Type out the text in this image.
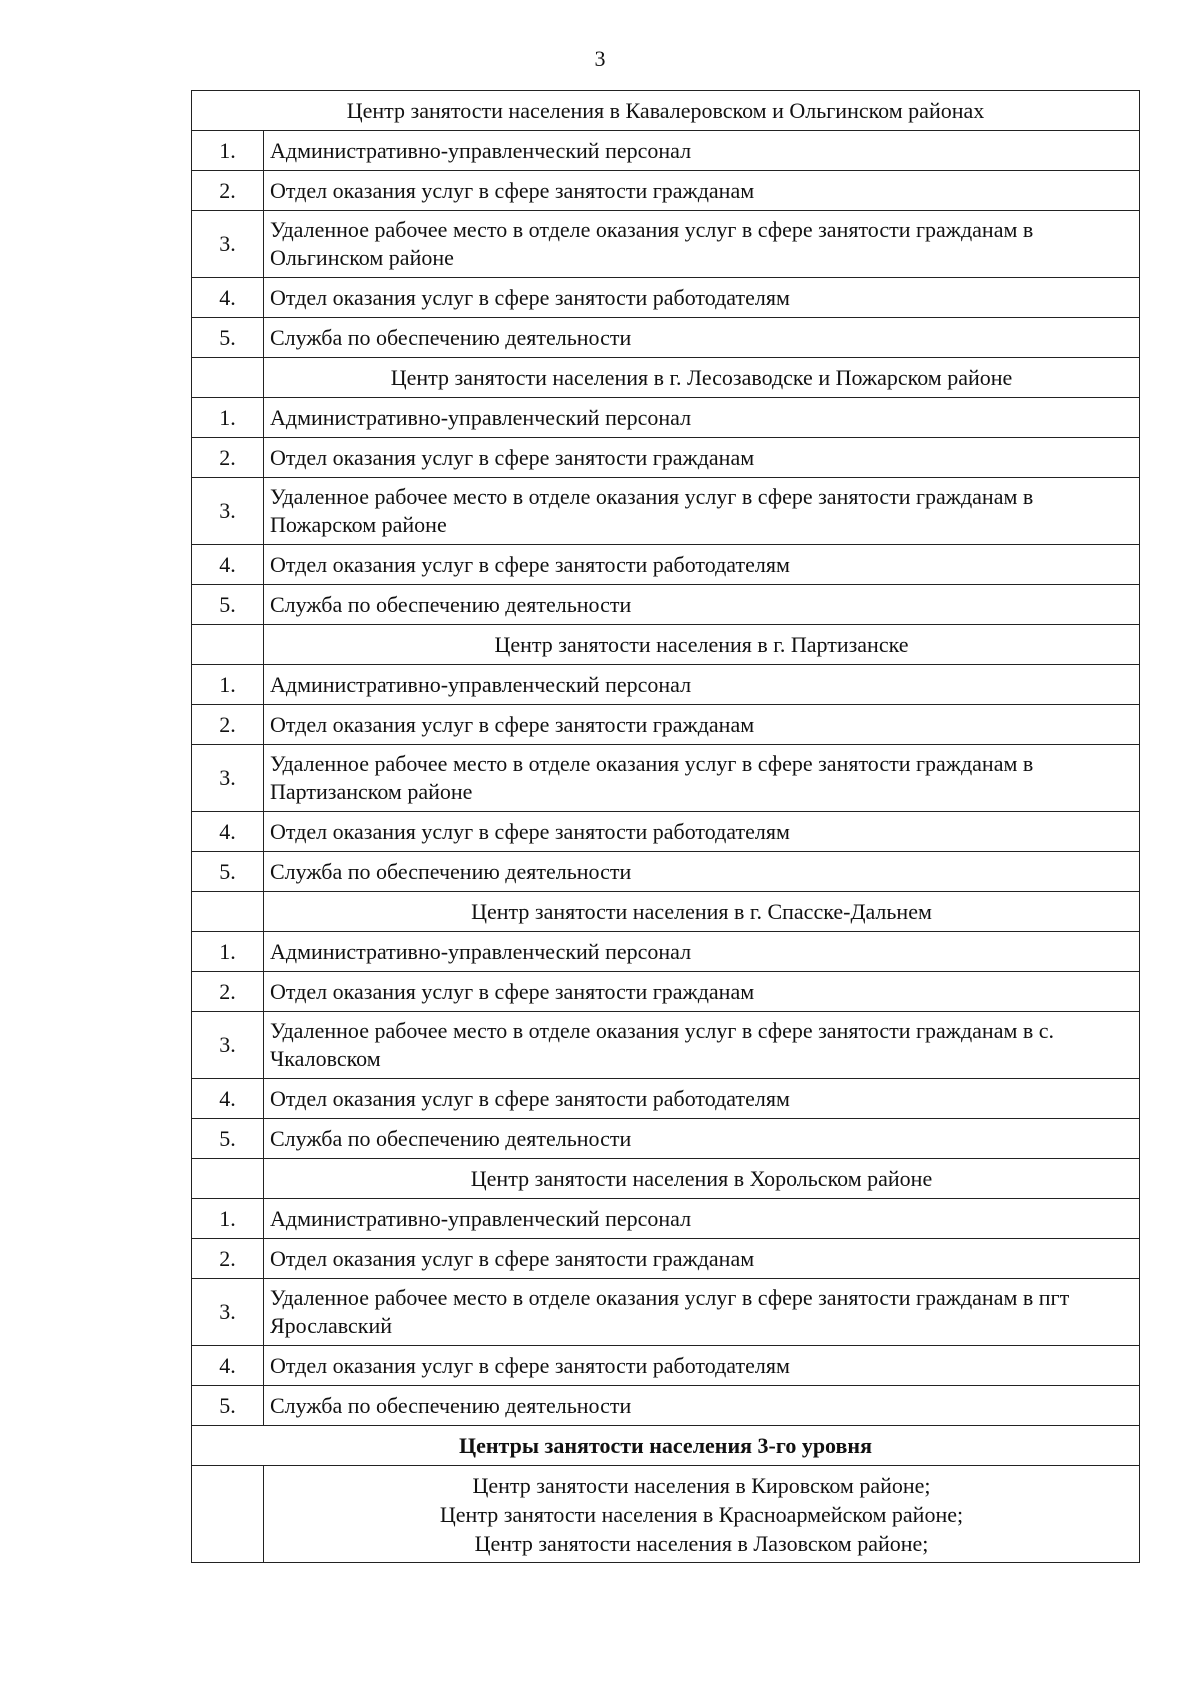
3
Центр занятости населения в Кавалеровском и Ольгинском районах	
1.	Административно-управленческий персонал
2.	Отдел оказания услуг в сфере занятости гражданам
3.	Удаленное рабочее место в отделе оказания услуг в сфере занятости гражданам в Ольгинском районе
4.	Отдел оказания услуг в сфере занятости работодателям
5.	Служба по обеспечению деятельности
	Центр занятости населения в г. Лесозаводске и Пожарском районе
1.	Административно-управленческий персонал
2.	Отдел оказания услуг в сфере занятости гражданам
3.	Удаленное рабочее место в отделе оказания услуг в сфере занятости гражданам в Пожарском районе
4.	Отдел оказания услуг в сфере занятости работодателям
5.	Служба по обеспечению деятельности
	Центр занятости населения в г. Партизанске
1.	Административно-управленческий персонал
2.	Отдел оказания услуг в сфере занятости гражданам
3.	Удаленное рабочее место в отделе оказания услуг в сфере занятости гражданам в Партизанском районе
4.	Отдел оказания услуг в сфере занятости работодателям
5.	Служба по обеспечению деятельности
	Центр занятости населения в г. Спасске-Дальнем
1.	Административно-управленческий персонал
2.	Отдел оказания услуг в сфере занятости гражданам
3.	Удаленное рабочее место в отделе оказания услуг в сфере занятости гражданам в с. Чкаловском
4.	Отдел оказания услуг в сфере занятости работодателям
5.	Служба по обеспечению деятельности
	Центр занятости населения в Хорольском районе
1.	Административно-управленческий персонал
2.	Отдел оказания услуг в сфере занятости гражданам
3.	Удаленное рабочее место в отделе оказания услуг в сфере занятости гражданам в пгт Ярославский
4.	Отдел оказания услуг в сфере занятости работодателям
5.	Служба по обеспечению деятельности
Центры занятости населения 3-го уровня	

	Центр занятости населения в Кировском районе;
Центр занятости населения в Красноармейском районе;
Центр занятости населения в Лазовском районе;
